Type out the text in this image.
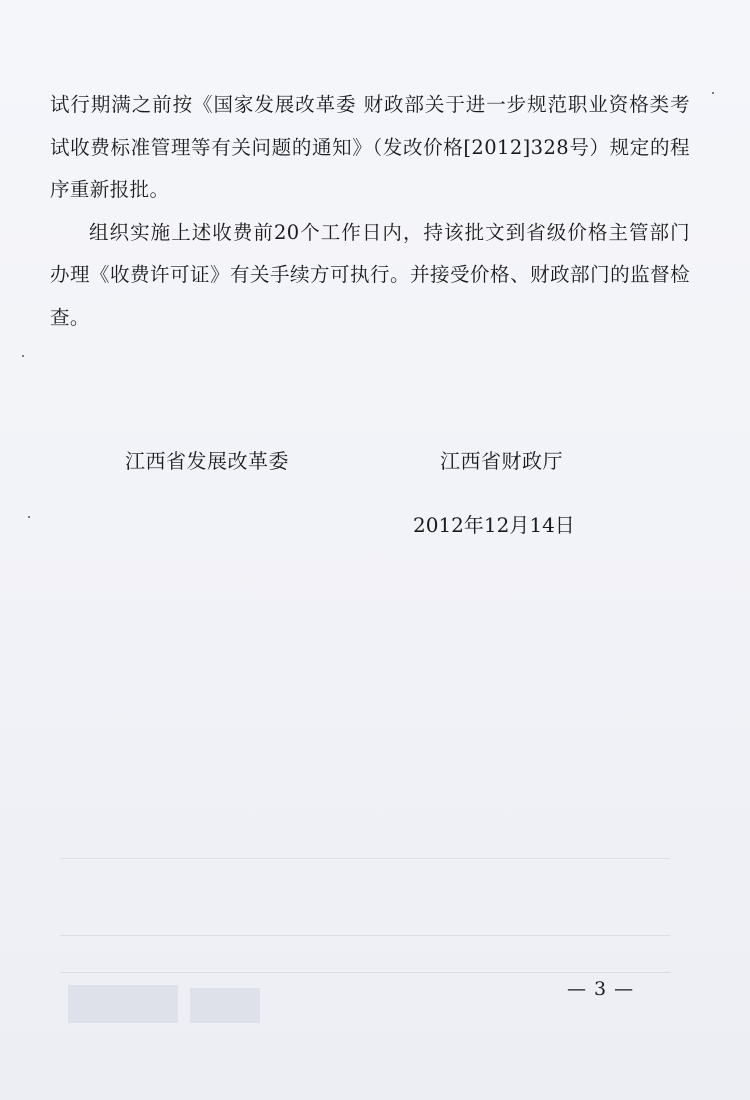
试行期满之前按《国家发展改革委 财政部关于进一步规范职业资格类考试收费标准管理等有关问题的通知》（发改价格[2012]328号）规定的程序重新报批。

组织实施上述收费前20个工作日内，持该批文到省级价格主管部门办理《收费许可证》有关手续方可执行。并接受价格、财政部门的监督检查。

江西省发展改革委	江西省财政厅
2012年12月14日
— 3 —
